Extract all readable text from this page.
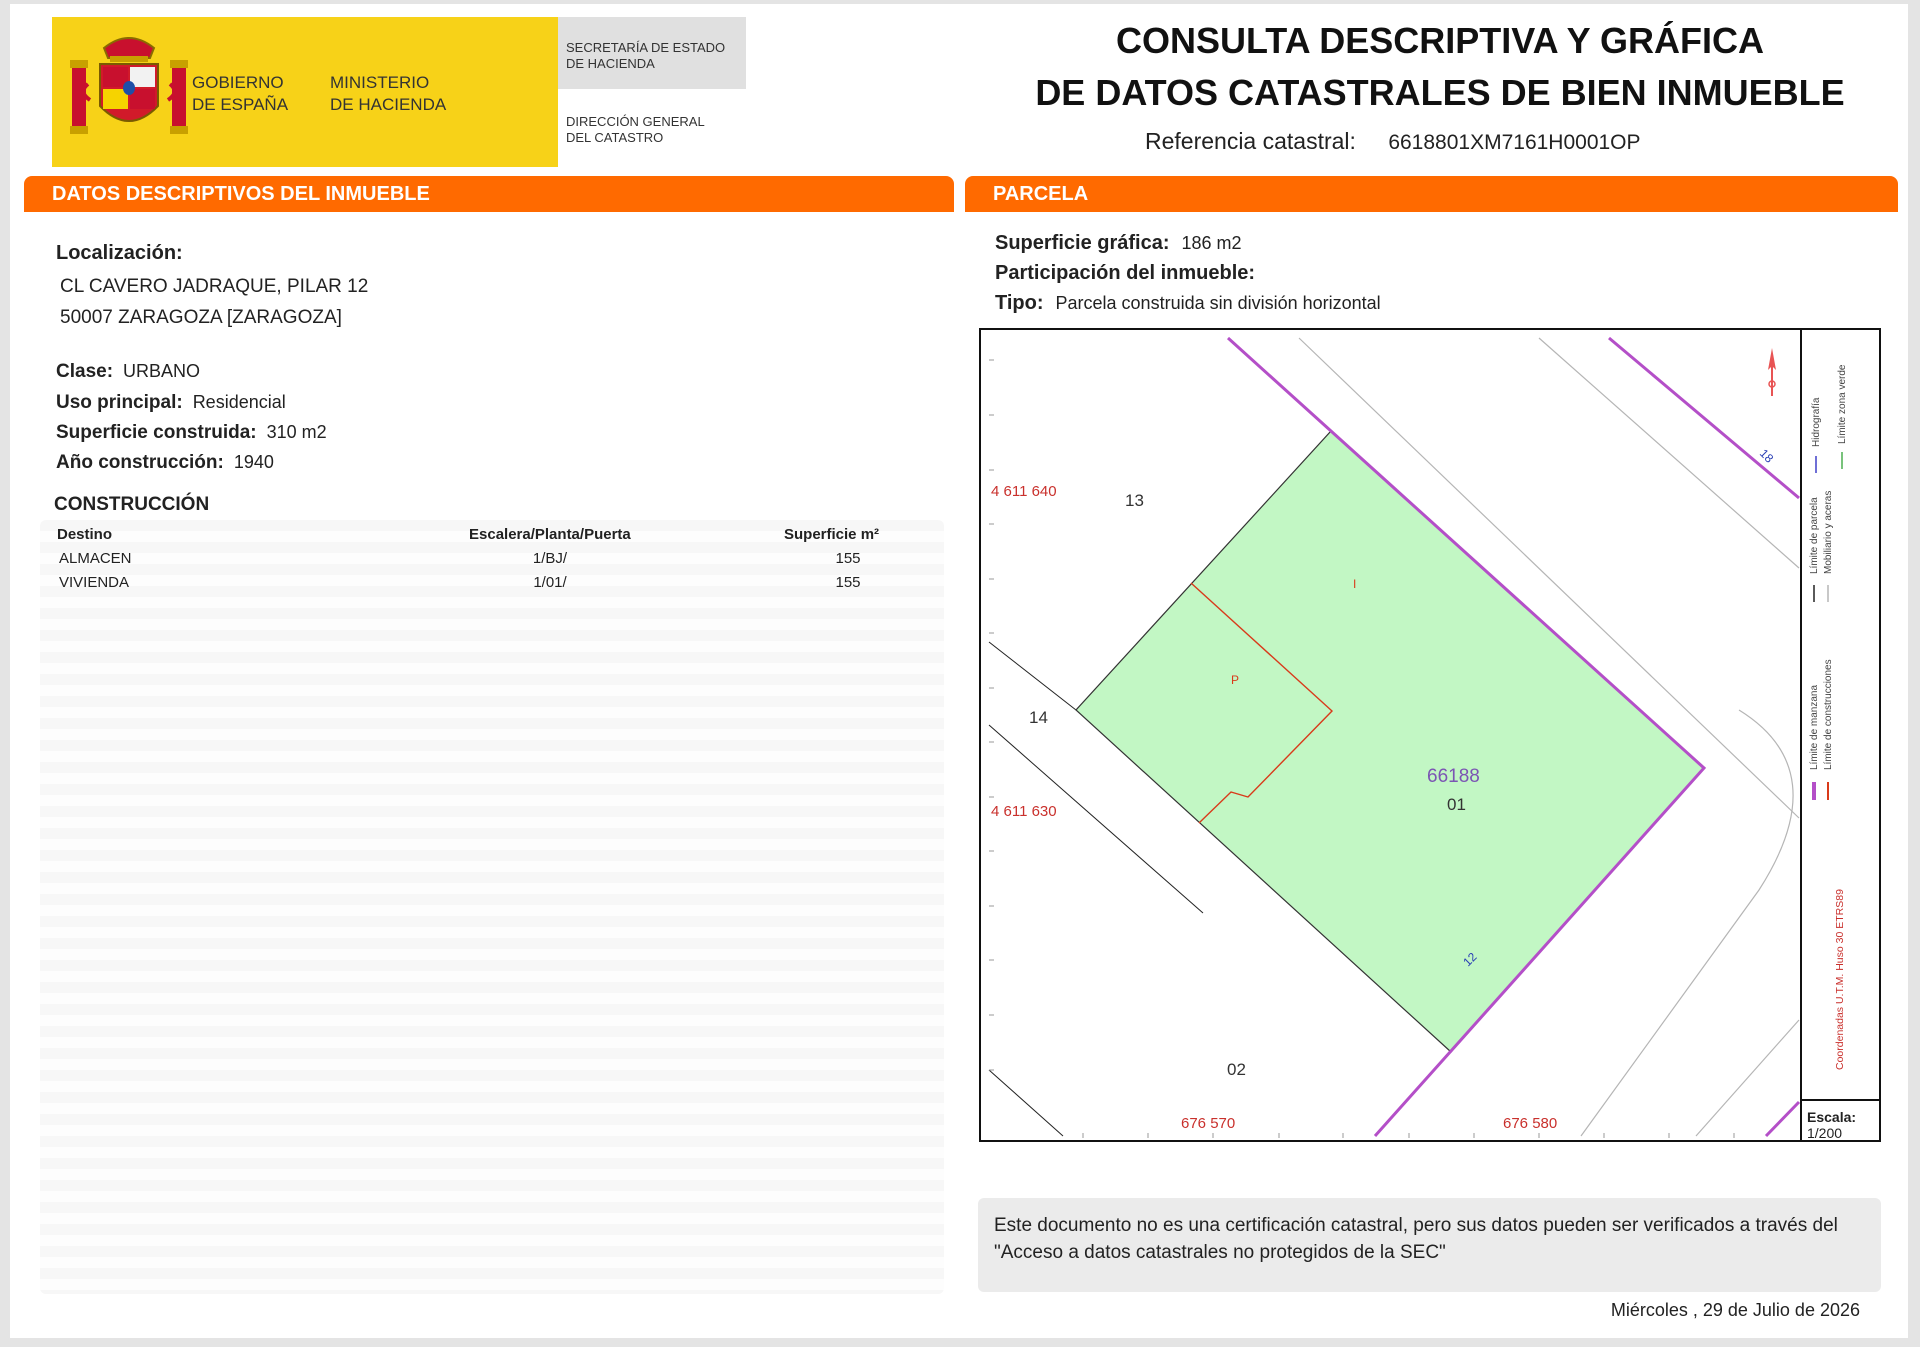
GOBIERNO
DE ESPAÑA
MINISTERIO
DE HACIENDA
SECRETARÍA DE ESTADO
DE HACIENDA
DIRECCIÓN GENERAL
DEL CATASTRO
CONSULTA DESCRIPTIVA Y GRÁFICA
DE DATOS CATASTRALES DE BIEN INMUEBLE
Referencia catastral: 6618801XM7161H0001OP
DATOS DESCRIPTIVOS DEL INMUEBLE	PARCELA
Localización:
CL CAVERO JADRAQUE, PILAR 12
50007 ZARAGOZA [ZARAGOZA]
Clase: URBANO
Uso principal: Residencial
Superficie construida: 310 m2
Año construcción: 1940
CONSTRUCCIÓN
Destino	Escalera/Planta/Puerta	Superficie m²
ALMACEN	1/BJ/	155
VIVIENDA	1/01/	155
Superficie gráfica: 186 m2
Participación del inmueble:
Tipo: Parcela construida sin división horizontal
4 611 640
4 611 630
676 570	676 580
13
14
02
01
66188
I
P
18
12
Límite de manzana
Límite de parcela
Límite de construcciones
Mobiliario y aceras
Límite zona verde
Hidrografía
Coordenadas U.T.M. Huso 30 ETRS89
Escala:
1/200
Este documento no es una certificación catastral, pero sus datos pueden ser verificados a través del "Acceso a datos catastrales no protegidos de la SEC"
Miércoles , 29 de Julio de 2026
